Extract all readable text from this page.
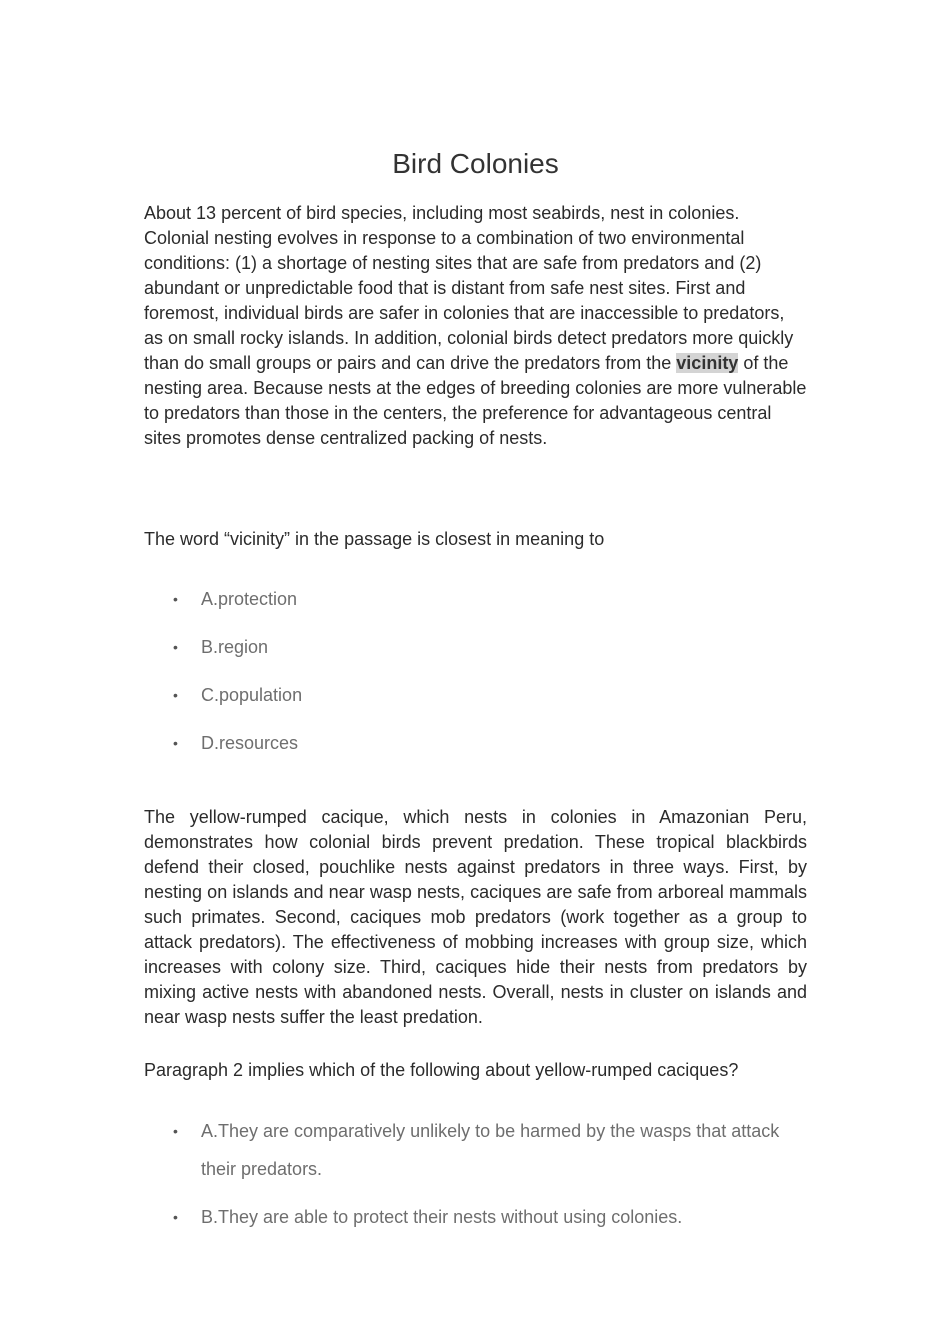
Bird Colonies

About 13 percent of bird species, including most seabirds, nest in colonies. Colonial nesting evolves in response to a combination of two environmental conditions: (1) a shortage of nesting sites that are safe from predators and (2) abundant or unpredictable food that is distant from safe nest sites. First and foremost, individual birds are safer in colonies that are inaccessible to predators, as on small rocky islands. In addition, colonial birds detect predators more quickly than do small groups or pairs and can drive the predators from the vicinity of the nesting area. Because nests at the edges of breeding colonies are more vulnerable to predators than those in the centers, the preference for advantageous central sites promotes dense centralized packing of nests.

The word “vicinity” in the passage is closest in meaning to

• A.protection
• B.region
• C.population
• D.resources

The yellow-rumped cacique, which nests in colonies in Amazonian Peru, demonstrates how colonial birds prevent predation. These tropical blackbirds defend their closed, pouchlike nests against predators in three ways. First, by nesting on islands and near wasp nests, caciques are safe from arboreal mammals such primates. Second, caciques mob predators (work together as a group to attack predators). The effectiveness of mobbing increases with group size, which increases with colony size. Third, caciques hide their nests from predators by mixing active nests with abandoned nests. Overall, nests in cluster on islands and near wasp nests suffer the least predation.

Paragraph 2 implies which of the following about yellow-rumped caciques?

• A.They are comparatively unlikely to be harmed by the wasps that attack their predators.
• B.They are able to protect their nests without using colonies.
